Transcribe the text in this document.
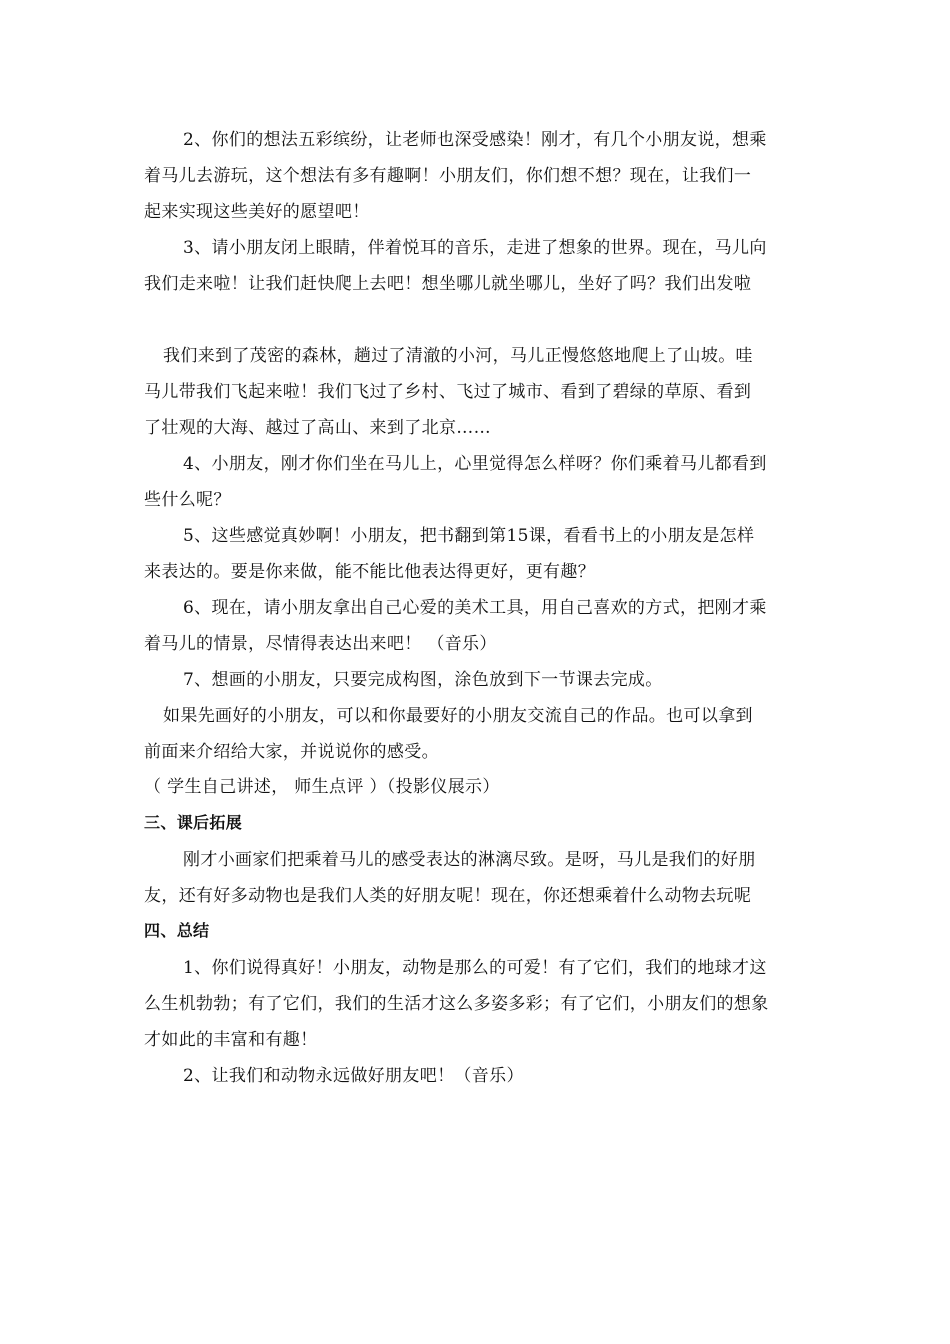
2、你们的想法五彩缤纷，让老师也深受感染！刚才，有几个小朋友说，想乘
着马儿去游玩，这个想法有多有趣啊！小朋友们，你们想不想？现在，让我们一
起来实现这些美好的愿望吧！
3、请小朋友闭上眼睛，伴着悦耳的音乐，走进了想象的世界。现在，马儿向
我们走来啦！让我们赶快爬上去吧！想坐哪儿就坐哪儿，坐好了吗？我们出发啦
我们来到了茂密的森林，趟过了清澈的小河，马儿正慢悠悠地爬上了山坡。哇
马儿带我们飞起来啦！我们飞过了乡村、飞过了城市、看到了碧绿的草原、看到
了壮观的大海、越过了高山、来到了北京……
4、小朋友，刚才你们坐在马儿上，心里觉得怎么样呀？你们乘着马儿都看到
些什么呢？
5、这些感觉真妙啊！小朋友，把书翻到第15课，看看书上的小朋友是怎样
来表达的。要是你来做，能不能比他表达得更好，更有趣？
6、现在，请小朋友拿出自己心爱的美术工具，用自己喜欢的方式，把刚才乘
着马儿的情景，尽情得表达出来吧！ （音乐）
7、想画的小朋友，只要完成构图，涂色放到下一节课去完成。
如果先画好的小朋友，可以和你最要好的小朋友交流自己的作品。也可以拿到
前面来介绍给大家，并说说你的感受。
（ 学生自己讲述， 师生点评 ）（投影仪展示）
三、课后拓展
刚才小画家们把乘着马儿的感受表达的淋漓尽致。是呀，马儿是我们的好朋
友，还有好多动物也是我们人类的好朋友呢！现在，你还想乘着什么动物去玩呢
四、总结
1、你们说得真好！小朋友，动物是那么的可爱！有了它们，我们的地球才这
么生机勃勃；有了它们，我们的生活才这么多姿多彩；有了它们，小朋友们的想象
才如此的丰富和有趣！
2、让我们和动物永远做好朋友吧！（音乐）
